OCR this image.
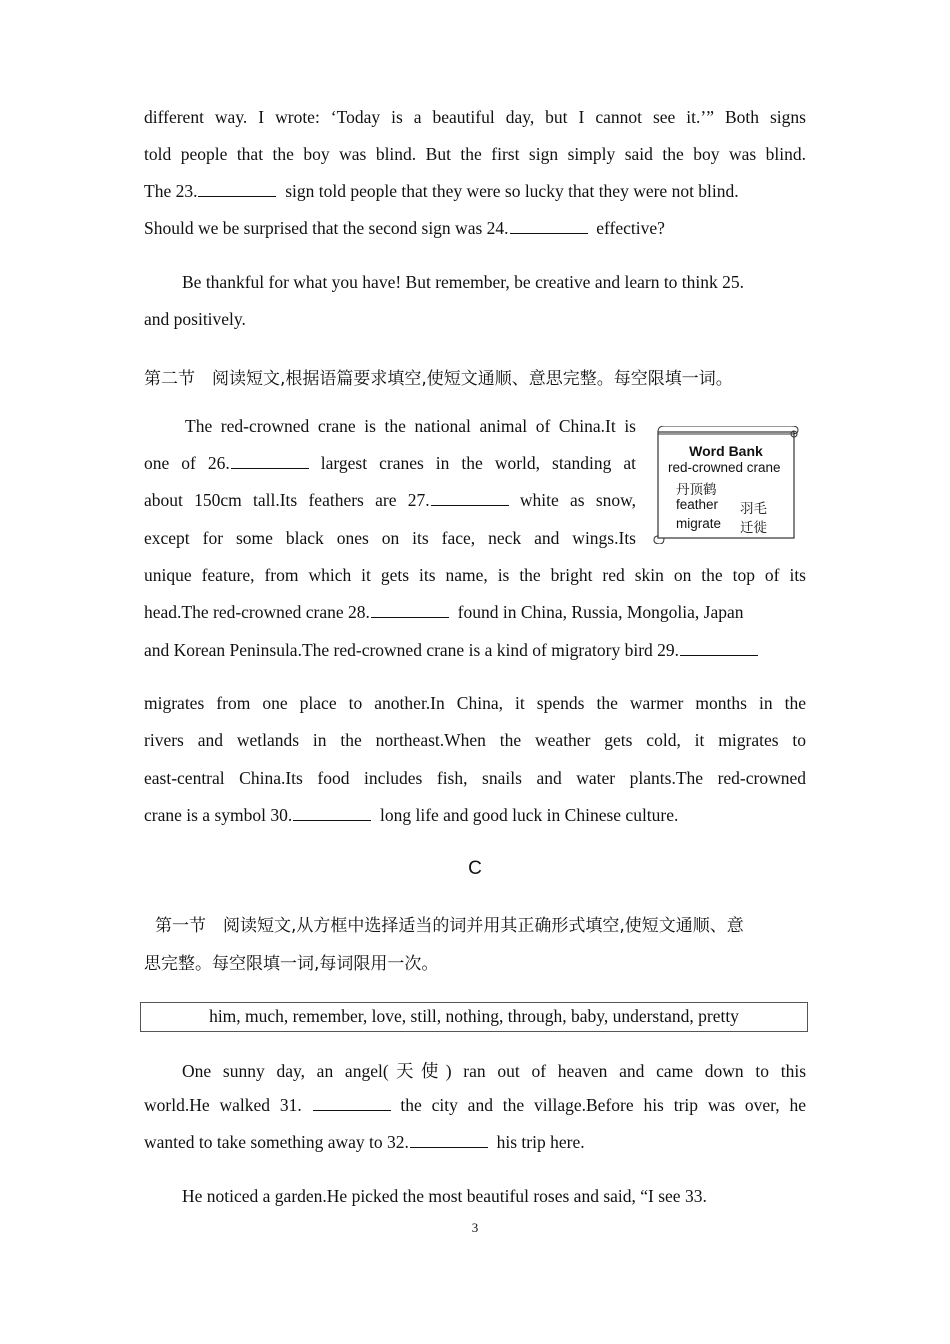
different way. I wrote: ‘Today is a beautiful day, but I cannot see it.’” Both signs
told people that the boy was blind. But the first sign simply said the boy was blind.
The 23.	sign told people that they were so lucky that they were not blind.
Should we be surprised that the second sign was 24.	effective?
Be thankful for what you have! But remember, be creative and learn to think 25.
and positively.
第二节　阅读短文,根据语篇要求填空,使短文通顺、意思完整。每空限填一词。
The red-crowned crane is the national animal of China.It is
one of 26.	largest cranes in the world, standing at
about 150cm tall.Its feathers are 27.	white as snow,
except for some black ones on its face, neck and wings.Its
unique feature, from which it gets its name, is the bright red skin on the top of its
head.The red-crowned crane 28.	found in China, Russia, Mongolia, Japan
and Korean Peninsula.The red-crowned crane is a kind of migratory bird 29.
migrates from one place to another.In China, it spends the warmer months in the
rivers and wetlands in the northeast.When the weather gets cold, it migrates to
east-central China.Its food includes fish, snails and water plants.The red-crowned
crane is a symbol 30.	long life and good luck in Chinese culture.
Word Bank
red-crowned crane
丹顶鹤
feather 羽毛
migrate 迁徙
C
第一节　阅读短文,从方框中选择适当的词并用其正确形式填空,使短文通顺、意
思完整。每空限填一词,每词限用一次。
him, much, remember, love, still, nothing, through, baby, understand, pretty
One sunny day, an angel(天使) ran out of heaven and came down to this
world.He walked 31.	the city and the village.Before his trip was over, he
wanted to take something away to 32.	his trip here.
He noticed a garden.He picked the most beautiful roses and said, “I see 33.
3
